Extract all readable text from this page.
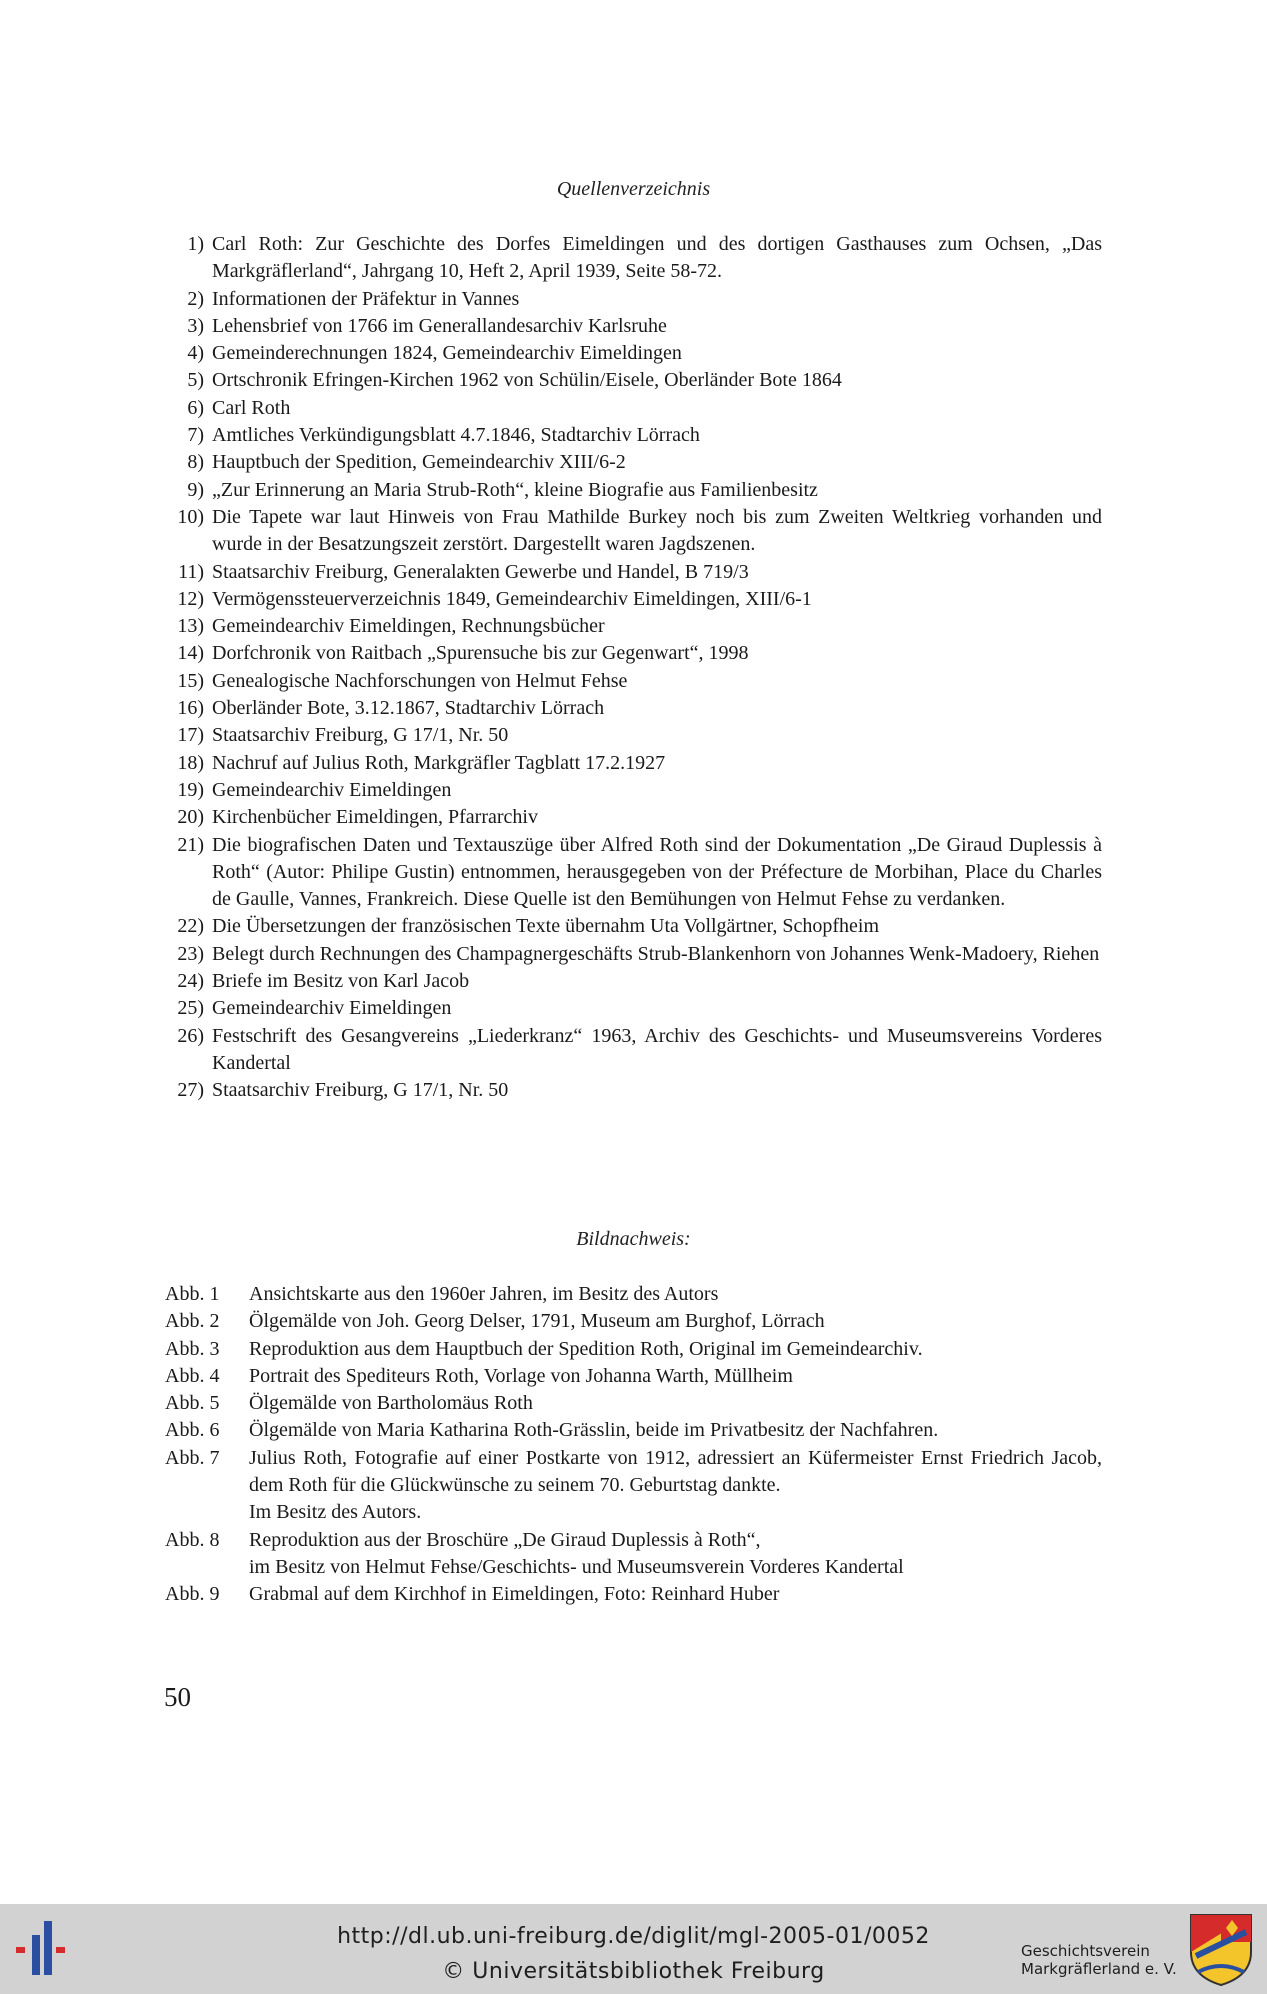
Quellenverzeichnis
1) Carl Roth: Zur Geschichte des Dorfes Eimeldingen und des dortigen Gasthauses zum Ochsen, „Das Markgräflerland“, Jahrgang 10, Heft 2, April 1939, Seite 58-72.
2) Informationen der Präfektur in Vannes
3) Lehensbrief von 1766 im Generallandesarchiv Karlsruhe
4) Gemeinderechnungen 1824, Gemeindearchiv Eimeldingen
5) Ortschronik Efringen-Kirchen 1962 von Schülin/Eisele, Oberländer Bote 1864
6) Carl Roth
7) Amtliches Verkündigungsblatt 4.7.1846, Stadtarchiv Lörrach
8) Hauptbuch der Spedition, Gemeindearchiv XIII/6-2
9) „Zur Erinnerung an Maria Strub-Roth“, kleine Biografie aus Familienbesitz
10) Die Tapete war laut Hinweis von Frau Mathilde Burkey noch bis zum Zweiten Weltkrieg vorhanden und wurde in der Besatzungszeit zerstört. Dargestellt waren Jagdszenen.
11) Staatsarchiv Freiburg, Generalakten Gewerbe und Handel, B 719/3
12) Vermögenssteuerverzeichnis 1849, Gemeindearchiv Eimeldingen, XIII/6-1
13) Gemeindearchiv Eimeldingen, Rechnungsbücher
14) Dorfchronik von Raitbach „Spurensuche bis zur Gegenwart“, 1998
15) Genealogische Nachforschungen von Helmut Fehse
16) Oberländer Bote, 3.12.1867, Stadtarchiv Lörrach
17) Staatsarchiv Freiburg, G 17/1, Nr. 50
18) Nachruf auf Julius Roth, Markgräfler Tagblatt 17.2.1927
19) Gemeindearchiv Eimeldingen
20) Kirchenbücher Eimeldingen, Pfarrarchiv
21) Die biografischen Daten und Textauszüge über Alfred Roth sind der Dokumentation „De Giraud Duplessis à Roth“ (Autor: Philipe Gustin) entnommen, herausgegeben von der Préfecture de Morbihan, Place du Charles de Gaulle, Vannes, Frankreich. Diese Quelle ist den Bemühungen von Helmut Fehse zu verdanken.
22) Die Übersetzungen der französischen Texte übernahm Uta Vollgärtner, Schopfheim
23) Belegt durch Rechnungen des Champagnergeschäfts Strub-Blankenhorn von Johannes Wenk-Madoery, Riehen
24) Briefe im Besitz von Karl Jacob
25) Gemeindearchiv Eimeldingen
26) Festschrift des Gesangvereins „Liederkranz“ 1963, Archiv des Geschichts- und Museumsvereins Vorderes Kandertal
27) Staatsarchiv Freiburg, G 17/1, Nr. 50
Bildnachweis:
Abb. 1	Ansichtskarte aus den 1960er Jahren, im Besitz des Autors
Abb. 2	Ölgemälde von Joh. Georg Delser, 1791, Museum am Burghof, Lörrach
Abb. 3	Reproduktion aus dem Hauptbuch der Spedition Roth, Original im Gemeindearchiv.
Abb. 4	Portrait des Spediteurs Roth, Vorlage von Johanna Warth, Müllheim
Abb. 5	Ölgemälde von Bartholomäus Roth
Abb. 6	Ölgemälde von Maria Katharina Roth-Grässlin, beide im Privatbesitz der Nachfahren.
Abb. 7	Julius Roth, Fotografie auf einer Postkarte von 1912, adressiert an Küfermeister Ernst Friedrich Jacob, dem Roth für die Glückwünsche zu seinem 70. Geburtstag dankte.
Im Besitz des Autors.
Abb. 8	Reproduktion aus der Broschüre „De Giraud Duplessis à Roth“,
im Besitz von Helmut Fehse/Geschichts- und Museumsverein Vorderes Kandertal
Abb. 9	Grabmal auf dem Kirchhof in Eimeldingen, Foto: Reinhard Huber
50
http://dl.ub.uni-freiburg.de/diglit/mgl-2005-01/0052
© Universitätsbibliothek Freiburg
Geschichtsverein
Markgräflerland e. V.
